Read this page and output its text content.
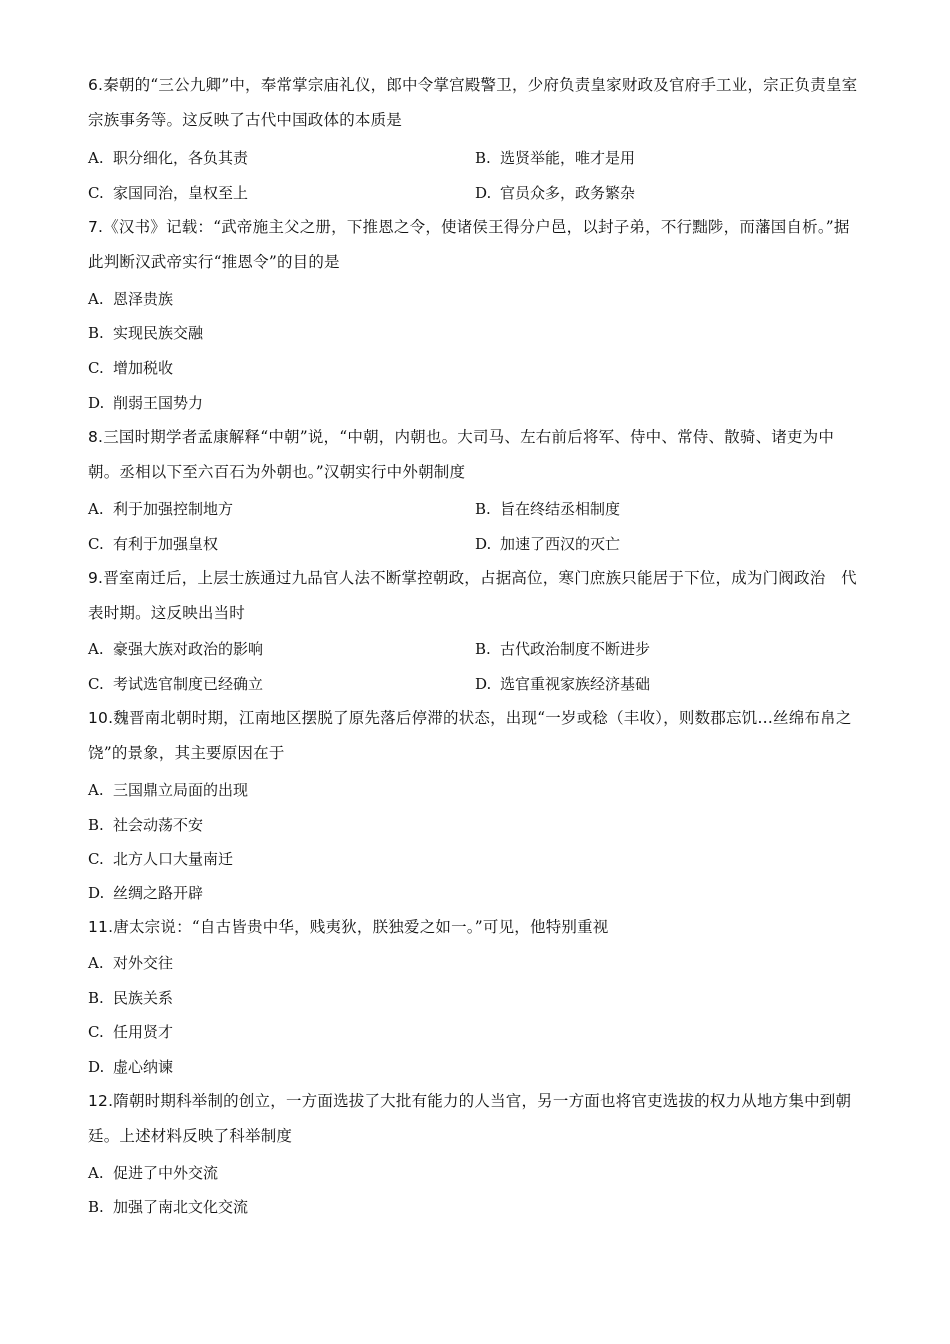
6.秦朝的“三公九卿”中，奉常掌宗庙礼仪，郎中令掌宫殿警卫，少府负责皇家财政及官府手工业，宗正负责皇室宗族事务等。这反映了古代中国政体的本质是
A. 职分细化，各负其责	B. 选贤举能，唯才是用
C. 家国同治，皇权至上	D. 官员众多，政务繁杂
7.《汉书》记载：“武帝施主父之册，下推恩之令，使诸侯王得分户邑，以封子弟，不行黜陟，而藩国自析。”据此判断汉武帝实行“推恩令”的目的是
A. 恩泽贵族
B. 实现民族交融
C. 增加税收
D. 削弱王国势力
8.三国时期学者孟康解释“中朝”说，“中朝，内朝也。大司马、左右前后将军、侍中、常侍、散骑、诸吏为中朝。丞相以下至六百石为外朝也。”汉朝实行中外朝制度
A. 利于加强控制地方	B. 旨在终结丞相制度
C. 有利于加强皇权	D. 加速了西汉的灭亡
9.晋室南迁后，上层士族通过九品官人法不断掌控朝政，占据高位，寒门庶族只能居于下位，成为门阀政治　代表时期。这反映出当时
A. 豪强大族对政治的影响	B. 古代政治制度不断进步
C. 考试选官制度已经确立	D. 选官重视家族经济基础
10.魏晋南北朝时期，江南地区摆脱了原先落后停滞的状态，出现“一岁或稔（丰收），则数郡忘饥…丝绵布帛之饶”的景象，其主要原因在于
A. 三国鼎立局面的出现
B. 社会动荡不安
C. 北方人口大量南迁
D. 丝绸之路开辟
11.唐太宗说：“自古皆贵中华，贱夷狄，朕独爱之如一。”可见，他特别重视
A. 对外交往
B. 民族关系
C. 任用贤才
D. 虚心纳谏
12.隋朝时期科举制的创立，一方面选拔了大批有能力的人当官，另一方面也将官吏选拔的权力从地方集中到朝廷。上述材料反映了科举制度
A. 促进了中外交流
B. 加强了南北文化交流
